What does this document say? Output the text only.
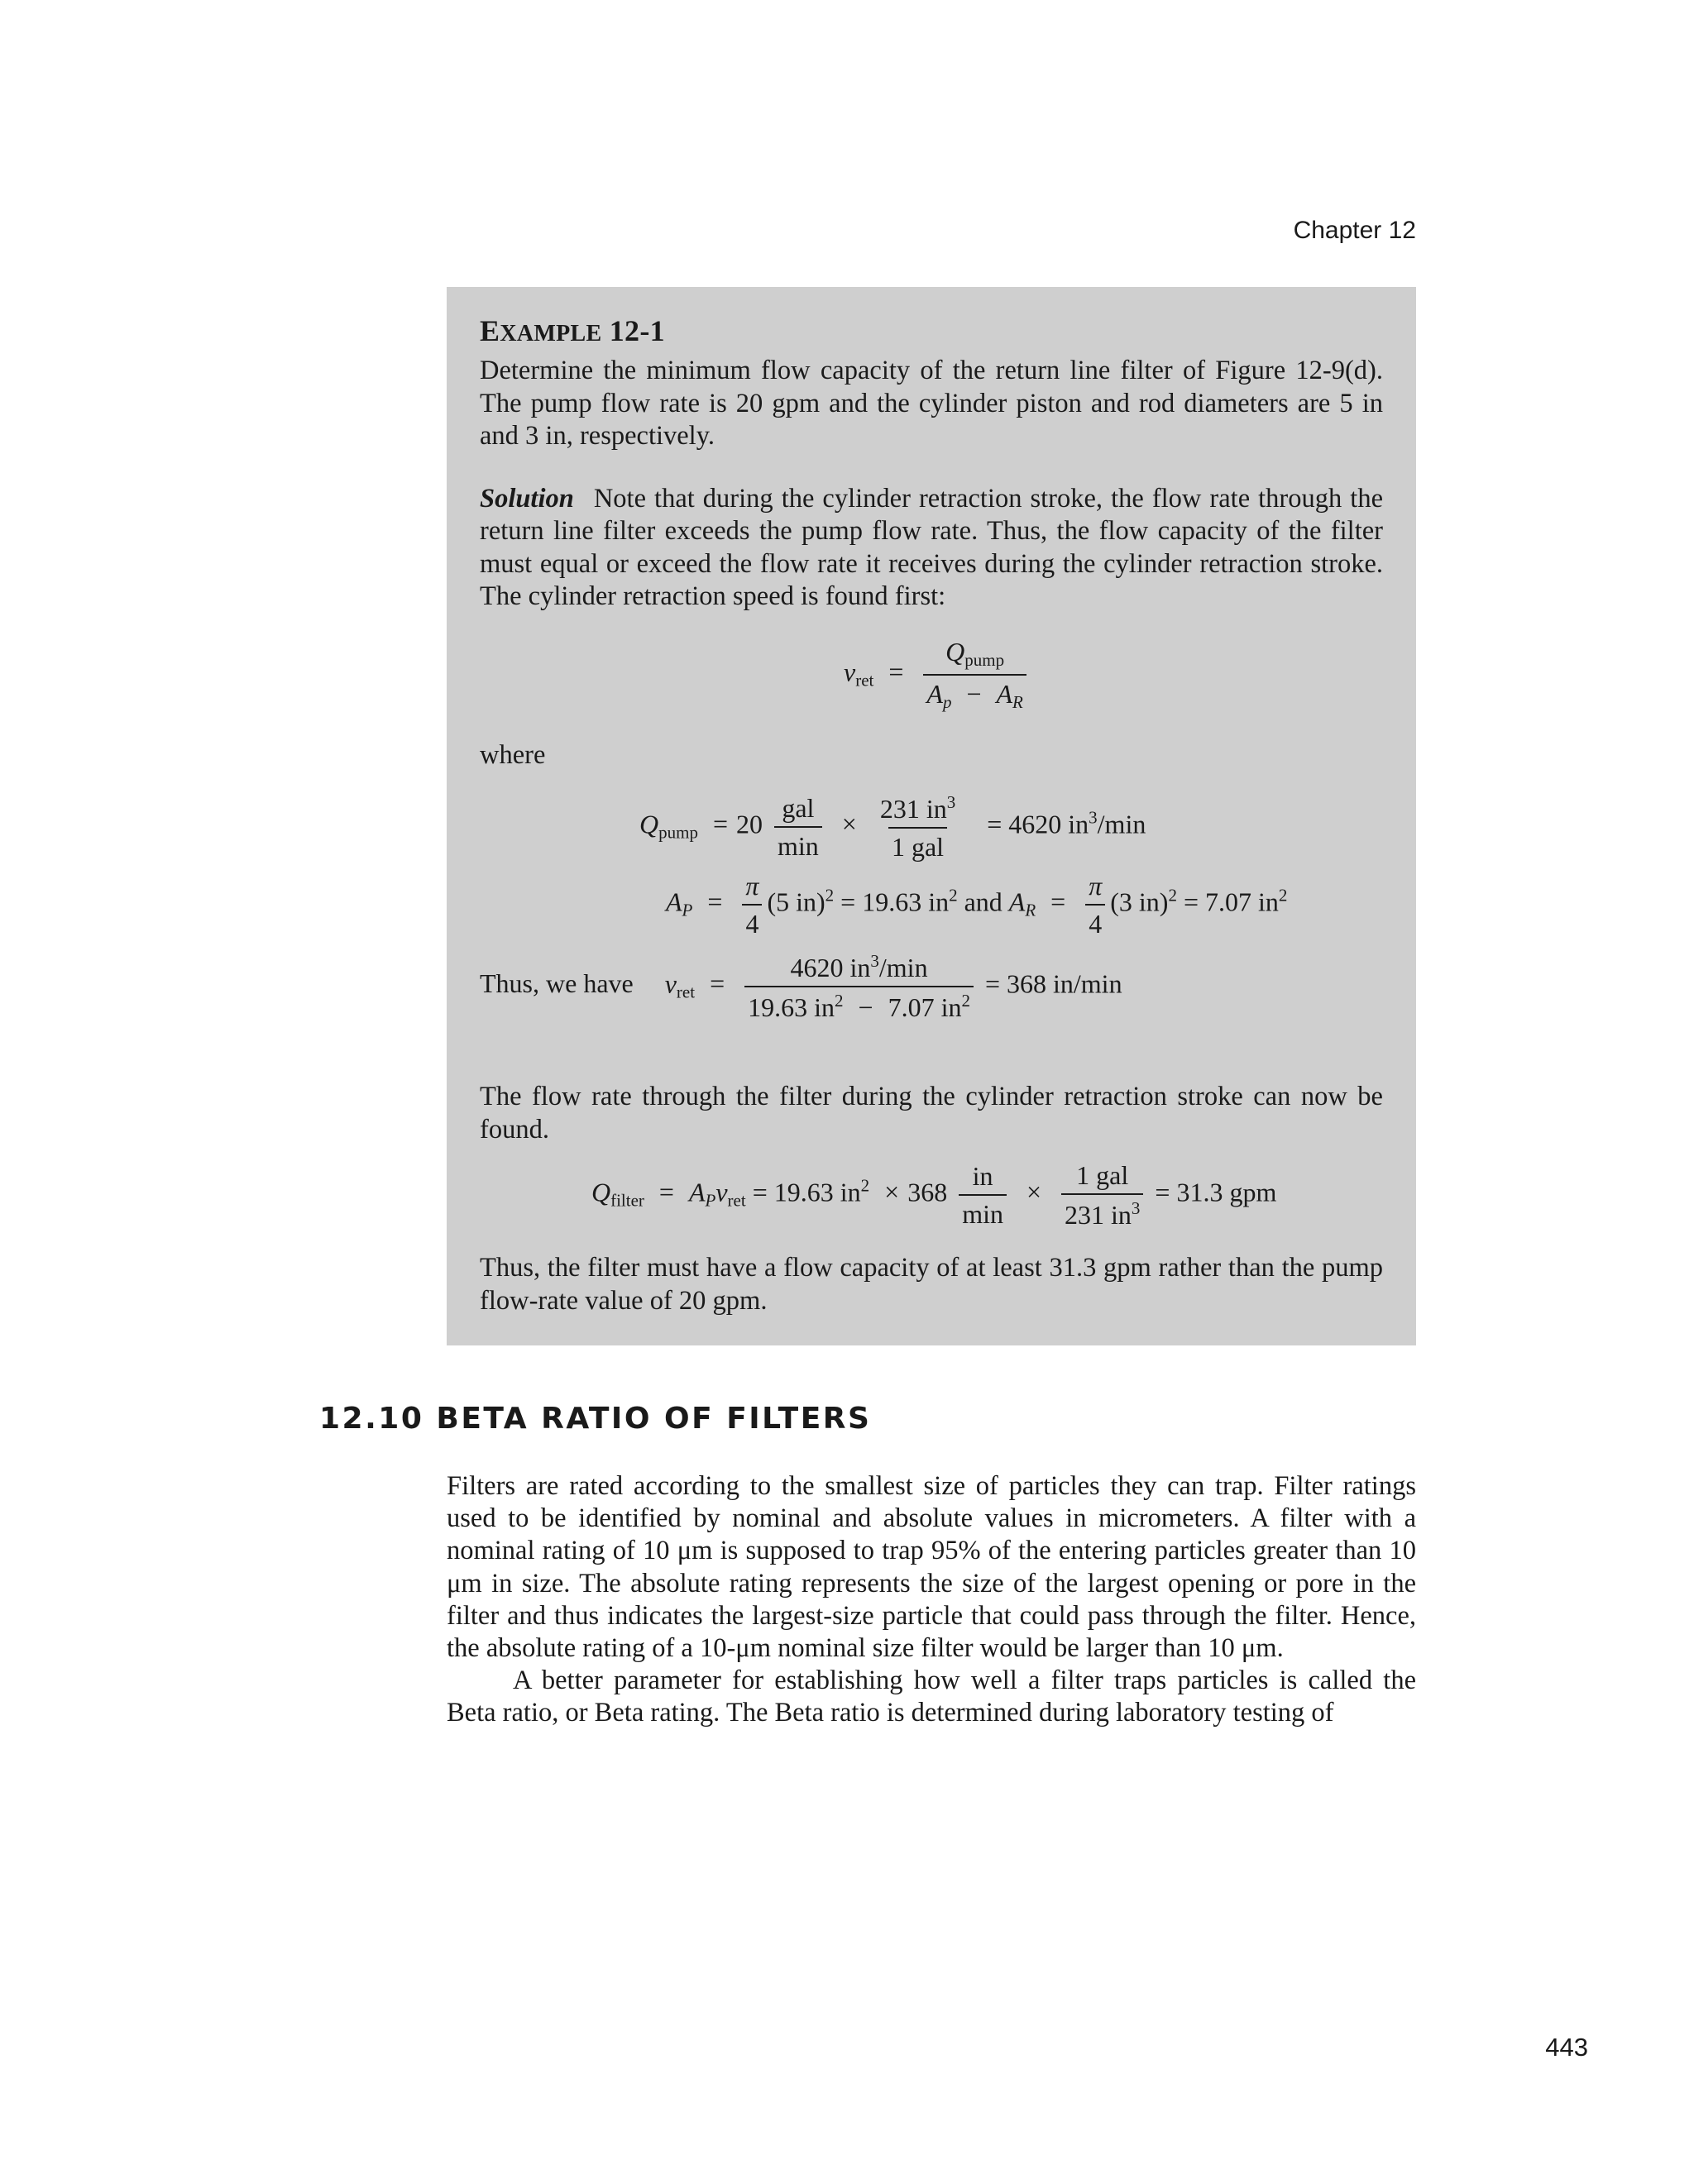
Chapter 12
EXAMPLE 12-1

Determine the minimum flow capacity of the return line filter of Figure 12-9(d). The pump flow rate is 20 gpm and the cylinder piston and rod diameters are 5 in and 3 in, respectively.

Solution Note that during the cylinder retraction stroke, the flow rate through the return line filter exceeds the pump flow rate. Thus, the flow capacity of the filter must equal or exceed the flow rate it receives during the cylinder retraction stroke. The cylinder retraction speed is found first:

$v_{ret} = \frac{Q_{pump}}{A_p - A_R}$
where
$Q_{pump} = 20 \frac{\text{gal}}{\min} \times \frac{231 in^3}{\text{1 gal}} = 4620$ $in^3/\min$
$A_P = \frac{\pi}{4} (5$ in)$^2$ = 19.63 $in^2$ and $A_R = \frac{\pi}{4} (3$ in)$^2$ = 7.07 $in^2$
Thus, we have $v_{ret} = \frac{4620 in^3/\min}{19.63 in^2 - 7.07 in^2} = 368$ in/min
The flow rate through the filter during the cylinder retraction stroke can now be found.
$Q_{filter} = A_Pv_{ret} = 19.63$ $in^2 \times 368 \frac{in}{\min} \times \frac{\text{1 gal}}{231 in^3} = 31.3$ gpm
Thus, the filter must have a flow capacity of at least 31.3 gpm rather than the pump flow-rate value of 20 gpm.
12.10 BETA RATIO OF FILTERS

Filters are rated according to the smallest size of particles they can trap. Filter ratings used to be identified by nominal and absolute values in micrometers. A filter with a nominal rating of 10 μm is supposed to trap 95% of the entering particles greater than 10 μm in size. The absolute rating represents the size of the largest opening or pore in the filter and thus indicates the largest-size particle that could pass through the filter. Hence, the absolute rating of a 10-μm nominal size filter would be larger than 10 μm.

A better parameter for establishing how well a filter traps particles is called the Beta ratio, or Beta rating. The Beta ratio is determined during laboratory testing of

443
